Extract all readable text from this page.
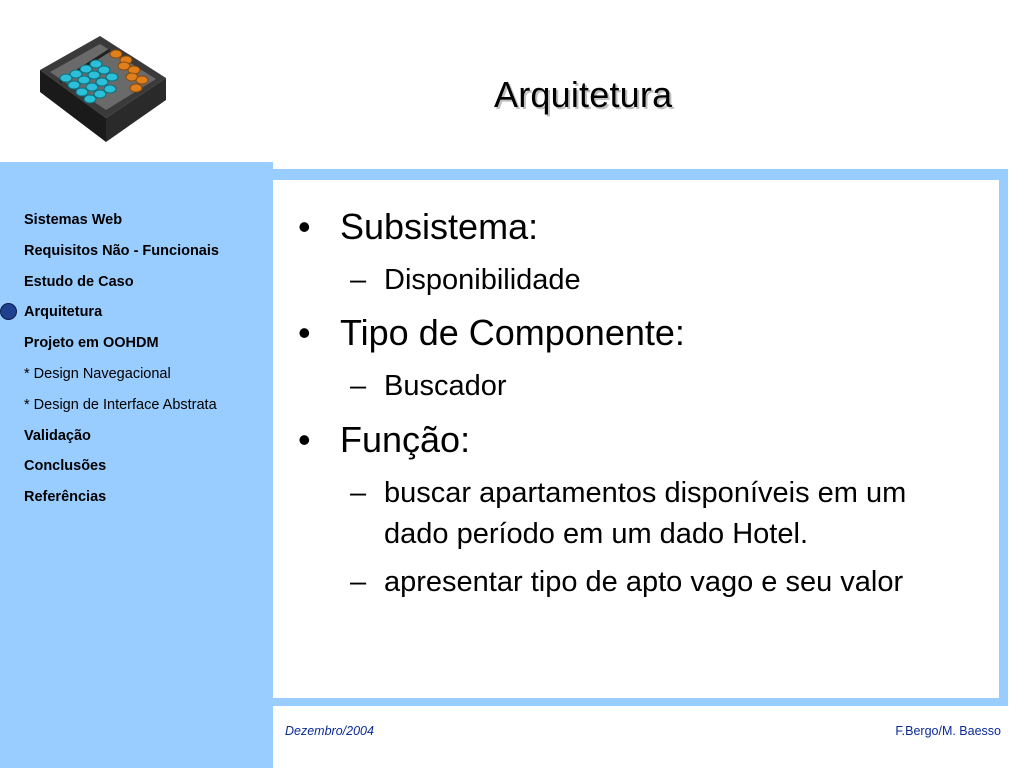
Arquitetura
Sistemas Web
Requisitos Não - Funcionais
Estudo de Caso
Arquitetura
Projeto em OOHDM
* Design Navegacional
* Design de Interface Abstrata
Validação
Conclusões
Referências
• Subsistema:
– Disponibilidade
• Tipo de Componente:
– Buscador
• Função:
– buscar apartamentos disponíveis em um dado período em um dado Hotel.
– apresentar tipo de apto vago e seu valor
Dezembro/2004	F.Bergo/M. Baesso
